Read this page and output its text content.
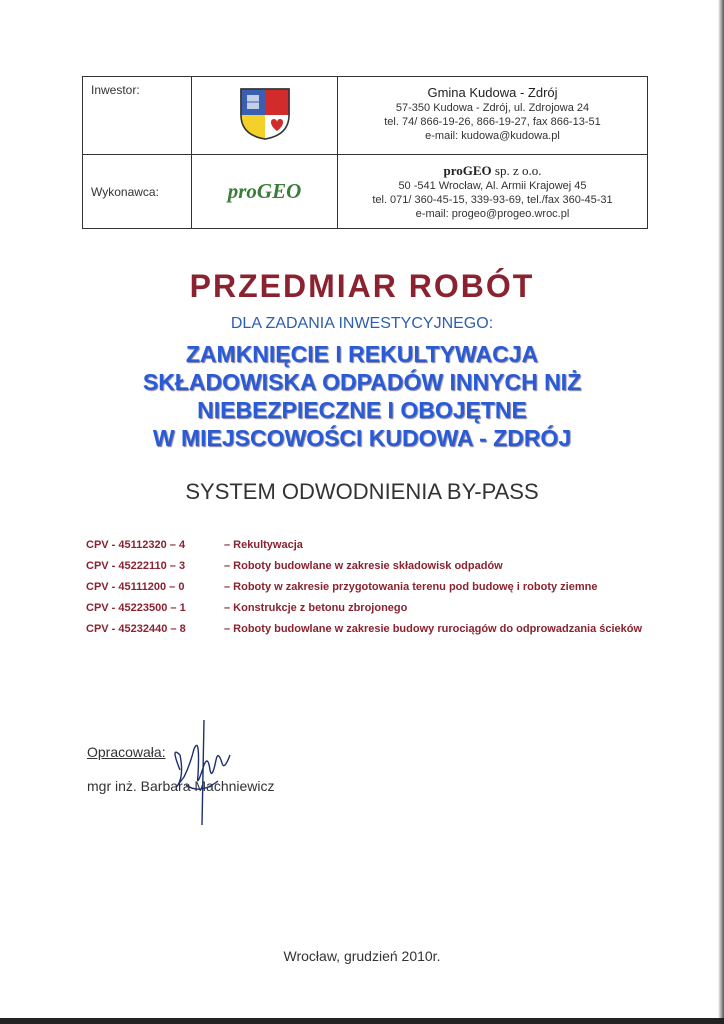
Inwestor:		Gmina Kudowa - Zdrój
57-350 Kudowa - Zdrój, ul. Zdrojowa 24
tel. 74/ 866-19-26, 866-19-27, fax 866-13-51
e-mail: kudowa@kudowa.pl

Wykonawca:	proGEO	proGEO sp. z o.o.
50 -541 Wrocław, Al. Armii Krajowej 45
tel. 071/ 360-45-15, 339-93-69, tel./fax 360-45-31
e-mail: progeo@progeo.wroc.pl
PRZEDMIAR ROBÓT
DLA ZADANIA INWESTYCYJNEGO:
ZAMKNIĘCIE I REKULTYWACJA
SKŁADOWISKA ODPADÓW INNYCH NIŻ
NIEBEZPIECZNE I OBOJĘTNE
W MIEJSCOWOŚCI KUDOWA - ZDRÓJ
SYSTEM ODWODNIENIA BY-PASS
CPV - 45112320 – 4	– Rekultywacja
CPV - 45222110 – 3	– Roboty budowlane w zakresie składowisk odpadów
CPV - 45111200 – 0	– Roboty w zakresie przygotowania terenu pod budowę i roboty ziemne
CPV - 45223500 – 1	– Konstrukcje z betonu zbrojonego
CPV - 45232440 – 8	– Roboty budowlane w zakresie budowy rurociągów do odprowadzania ścieków
Opracowała:
mgr inż. Barbara Machniewicz
Wrocław, grudzień 2010r.
